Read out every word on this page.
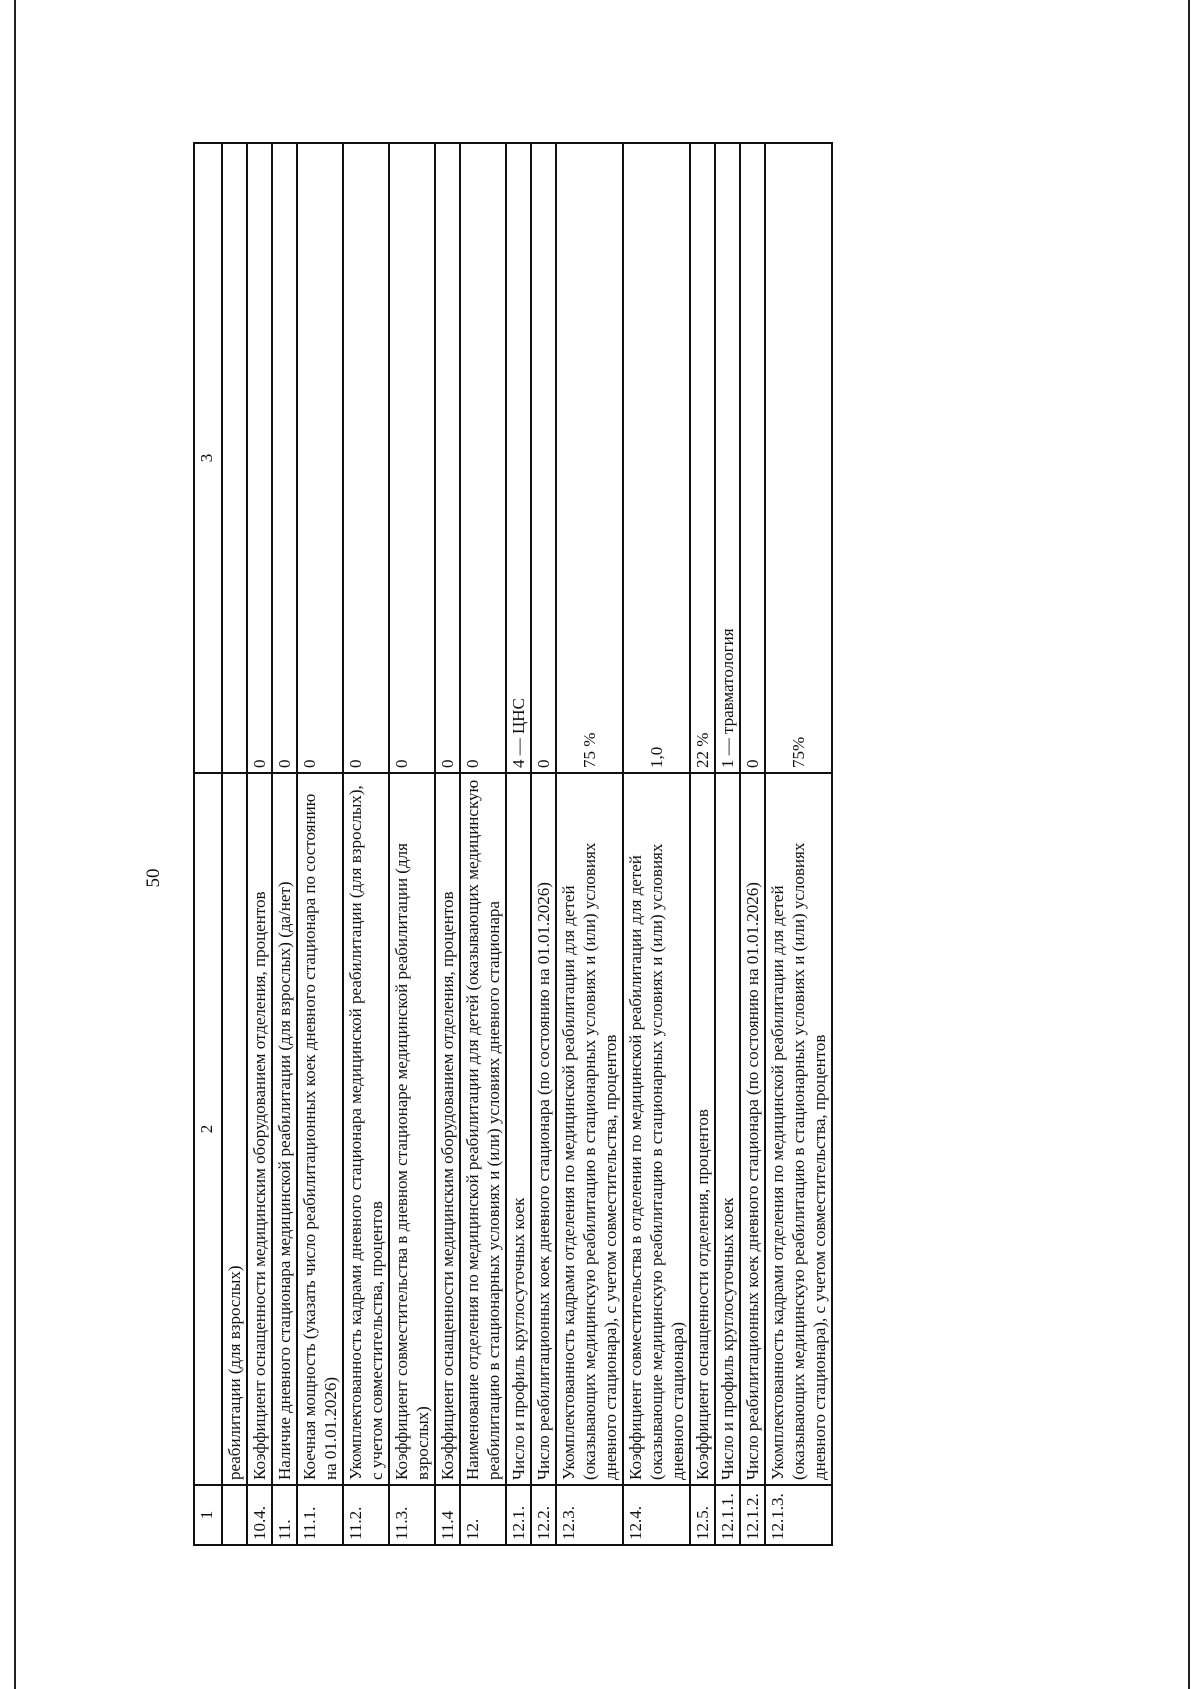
50

1	2	3
	реабилитации (для взрослых)	
10.4.	Коэффициент оснащенности медицинским оборудованием отделения, процентов	0
11.	Наличие дневного стационара медицинской реабилитации (для взрослых) (да/нет)	0
11.1.	Коечная мощность (указать число реабилитационных коек дневного стационара по состоянию на 01.01.2026)	0
11.2.	Укомплектованность кадрами дневного стационара медицинской реабилитации (для взрослых), с учетом совместительства, процентов	0
11.3.	Коэффициент совместительства в дневном стационаре медицинской реабилитации (для взрослых)	0
11.4	Коэффициент оснащенности медицинским оборудованием отделения, процентов	0
12.	Наименование отделения по медицинской реабилитации для детей (оказывающих медицинскую реабилитацию в стационарных условиях и (или) условиях дневного стационара	0
12.1.	Число и профиль круглосуточных коек	4 — ЦНС
12.2.	Число реабилитационных коек дневного стационара (по состоянию на 01.01.2026)	0
12.3.	Укомплектованность кадрами отделения по медицинской реабилитации для детей (оказывающих медицинскую реабилитацию в стационарных условиях и (или) условиях дневного стационара), с учетом совместительства, процентов	75 %
12.4.	Коэффициент совместительства в отделении по медицинской реабилитации для детей (оказывающие медицинскую реабилитацию в стационарных условиях и (или) условиях дневного стационара)	1,0
12.5.	Коэффициент оснащенности отделения, процентов	22 %
12.1.1.	Число и профиль круглосуточных коек	1 — травматология
12.1.2.	Число реабилитационных коек дневного стационара (по состоянию на 01.01.2026)	0
12.1.3.	Укомплектованность кадрами отделения по медицинской реабилитации для детей (оказывающих медицинскую реабилитацию в стационарных условиях и (или) условиях дневного стационара), с учетом совместительства, процентов	75%
